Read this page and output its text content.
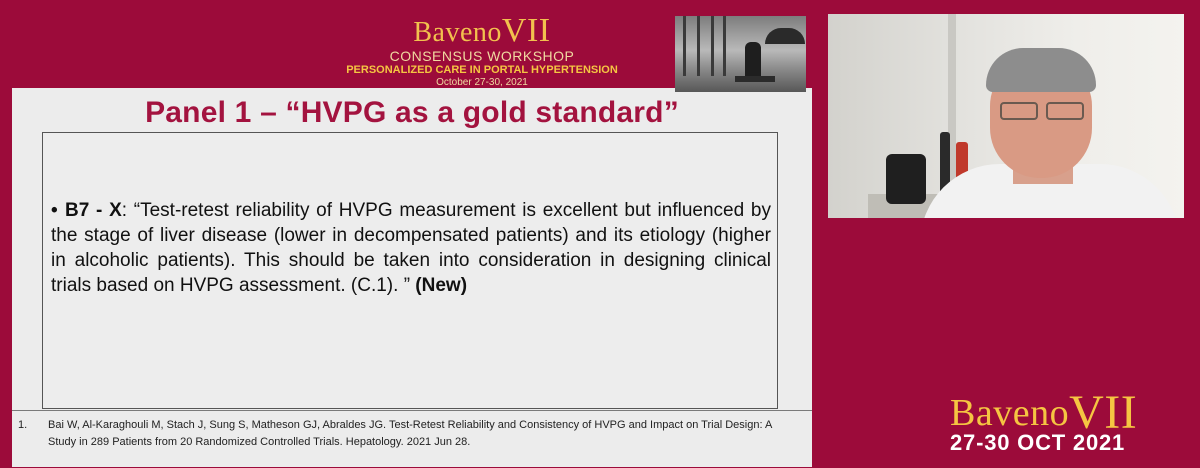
BavenoVII
CONSENSUS WORKSHOP
PERSONALIZED CARE IN PORTAL HYPERTENSION
October 27-30, 2021
Panel 1 – “HVPG as a gold standard”
• B7 - X: “Test-retest reliability of HVPG measurement is excellent but influenced by the stage of liver disease (lower in decompensated patients) and its etiology (higher in alcoholic patients). This should be taken into consideration in designing clinical trials based on HVPG assessment. (C.1). ” (New)
1. Bai W, Al-Karaghouli M, Stach J, Sung S, Matheson GJ, Abraldes JG. Test-Retest Reliability and Consistency of HVPG and Impact on Trial Design: A Study in 289 Patients from 20 Randomized Controlled Trials. Hepatology. 2021 Jun 28.
BavenoVII
27-30 OCT 2021
